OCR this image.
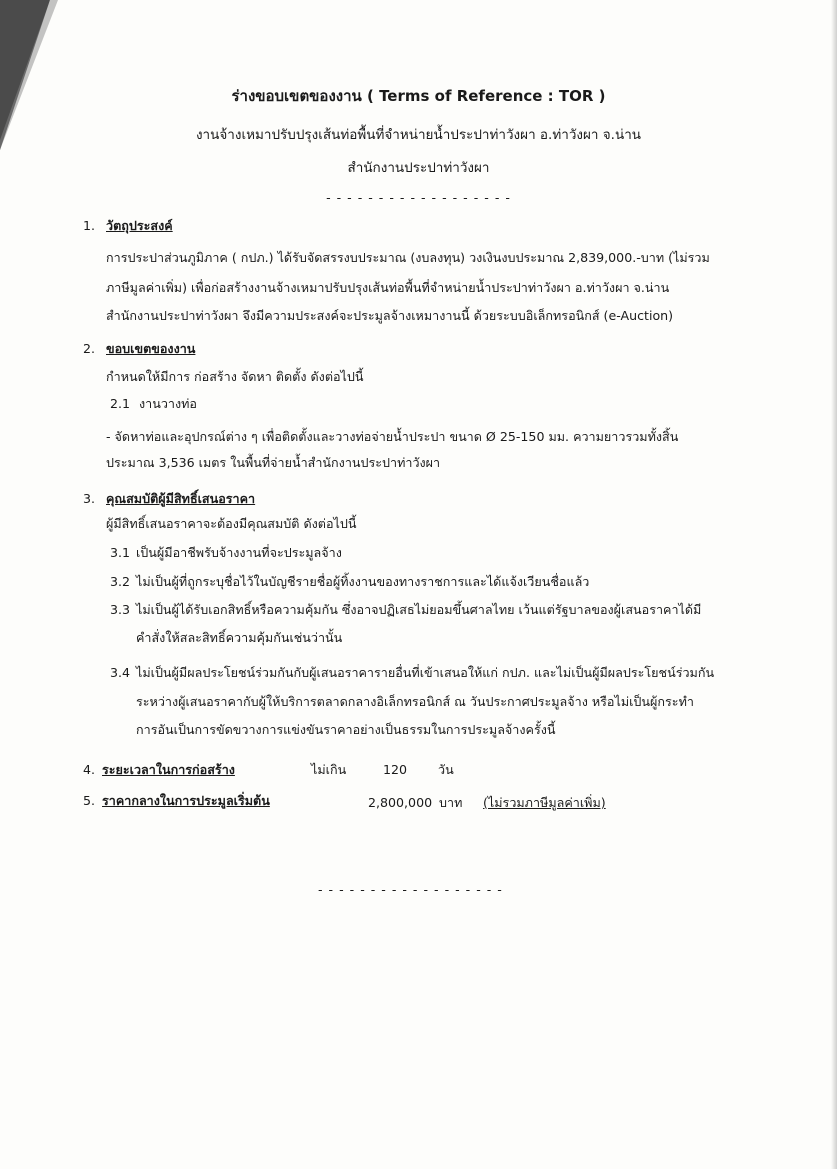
ร่างขอบเขตของงาน ( Terms of Reference : TOR )
งานจ้างเหมาปรับปรุงเส้นท่อพื้นที่จำหน่ายน้ำประปาท่าวังผา อ.ท่าวังผา จ.น่าน
สำนักงานประปาท่าวังผา
- - - - - - - - - - - - - - - - - -
1. วัตถุประสงค์
การประปาส่วนภูมิภาค ( กปภ.) ได้รับจัดสรรงบประมาณ (งบลงทุน) วงเงินงบประมาณ 2,839,000.-บาท (ไม่รวม
ภาษีมูลค่าเพิ่ม) เพื่อก่อสร้างงานจ้างเหมาปรับปรุงเส้นท่อพื้นที่จำหน่ายน้ำประปาท่าวังผา อ.ท่าวังผา จ.น่าน
สำนักงานประปาท่าวังผา จึงมีความประสงค์จะประมูลจ้างเหมางานนี้ ด้วยระบบอิเล็กทรอนิกส์ (e-Auction)
2. ขอบเขตของงาน
กำหนดให้มีการ ก่อสร้าง จัดหา ติดตั้ง ดังต่อไปนี้
2.1 งานวางท่อ
- จัดหาท่อและอุปกรณ์ต่าง ๆ เพื่อติดตั้งและวางท่อจ่ายน้ำประปา ขนาด Ø 25-150 มม. ความยาวรวมทั้งสิ้น
ประมาณ 3,536 เมตร ในพื้นที่จ่ายน้ำสำนักงานประปาท่าวังผา
3. คุณสมบัติผู้มีสิทธิ์เสนอราคา
ผู้มีสิทธิ์เสนอราคาจะต้องมีคุณสมบัติ ดังต่อไปนี้
3.1 เป็นผู้มีอาชีพรับจ้างงานที่จะประมูลจ้าง
3.2 ไม่เป็นผู้ที่ถูกระบุชื่อไว้ในบัญชีรายชื่อผู้ทิ้งงานของทางราชการและได้แจ้งเวียนชื่อแล้ว
3.3 ไม่เป็นผู้ได้รับเอกสิทธิ์หรือความคุ้มกัน ซึ่งอาจปฏิเสธไม่ยอมขึ้นศาลไทย เว้นแต่รัฐบาลของผู้เสนอราคาได้มี
คำสั่งให้สละสิทธิ์ความคุ้มกันเช่นว่านั้น
3.4 ไม่เป็นผู้มีผลประโยชน์ร่วมกันกับผู้เสนอราคารายอื่นที่เข้าเสนอให้แก่ กปภ. และไม่เป็นผู้มีผลประโยชน์ร่วมกัน
ระหว่างผู้เสนอราคากับผู้ให้บริการตลาดกลางอิเล็กทรอนิกส์ ณ วันประกาศประมูลจ้าง หรือไม่เป็นผู้กระทำ
การอันเป็นการขัดขวางการแข่งขันราคาอย่างเป็นธรรมในการประมูลจ้างครั้งนี้
4. ระยะเวลาในการก่อสร้าง	ไม่เกิน	120 วัน
5. ราคากลางในการประมูลเริ่มต้น	2,800,000 บาท (ไม่รวมภาษีมูลค่าเพิ่ม)
- - - - - - - - - - - - - - - - - -
